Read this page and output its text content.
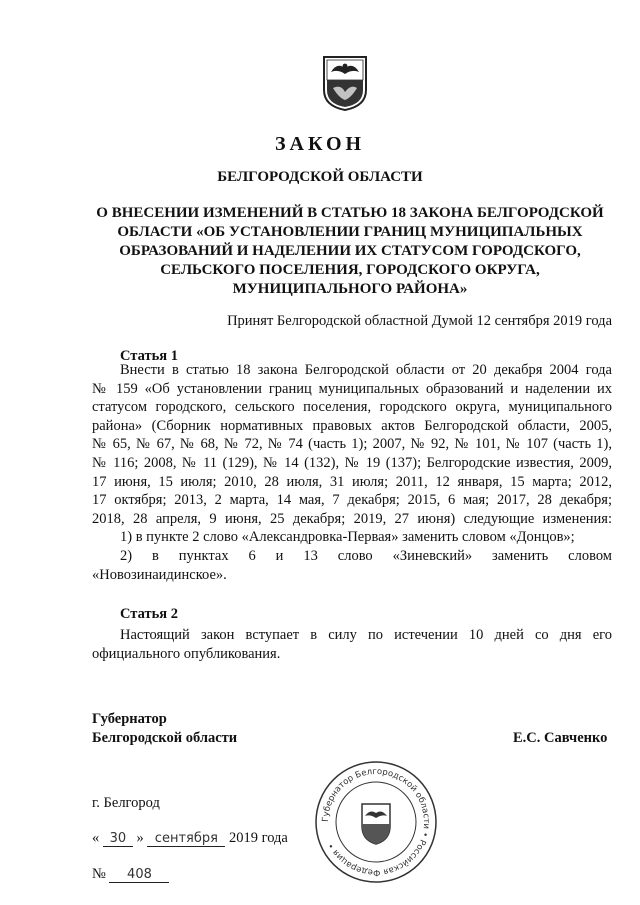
ЗАКОН
БЕЛГОРОДСКОЙ ОБЛАСТИ
О ВНЕСЕНИИ ИЗМЕНЕНИЙ В СТАТЬЮ 18 ЗАКОНА БЕЛГОРОДСКОЙ
ОБЛАСТИ «ОБ УСТАНОВЛЕНИИ ГРАНИЦ МУНИЦИПАЛЬНЫХ
ОБРАЗОВАНИЙ И НАДЕЛЕНИИ ИХ СТАТУСОМ ГОРОДСКОГО,
СЕЛЬСКОГО ПОСЕЛЕНИЯ, ГОРОДСКОГО ОКРУГА,
МУНИЦИПАЛЬНОГО РАЙОНА»
Принят Белгородской областной Думой 12 сентября 2019 года
Статья 1
Внести в статью 18 закона Белгородской области от 20 декабря 2004 года
№ 159 «Об установлении границ муниципальных образований и наделении их
статусом городского, сельского поселения, городского округа, муниципального
района» (Сборник нормативных правовых актов Белгородской области, 2005,
№ 65, № 67, № 68, № 72, № 74 (часть 1); 2007, № 92, № 101, № 107 (часть 1),
№ 116; 2008, № 11 (129), № 14 (132), № 19 (137); Белгородские известия, 2009,
17 июня, 15 июля; 2010, 28 июля, 31 июля; 2011, 12 января, 15 марта; 2012,
17 октября; 2013, 2 марта, 14 мая, 7 декабря; 2015, 6 мая; 2017, 28 декабря;
2018, 28 апреля, 9 июня, 25 декабря; 2019, 27 июня) следующие изменения:
1) в пункте 2 слово «Александровка-Первая» заменить словом «Донцов»;
2) в пунктах 6 и 13 слово «Зиневский» заменить словом
«Новозинаидинское».
Статья 2
Настоящий закон вступает в силу по истечении 10 дней со дня его
официального опубликования.
Губернатор
Белгородской области	Е.С. Савченко
г. Белгород
« 30 » сентября 2019 года
№ 408
Губернатор Белгородской области • Российская Федерация •
